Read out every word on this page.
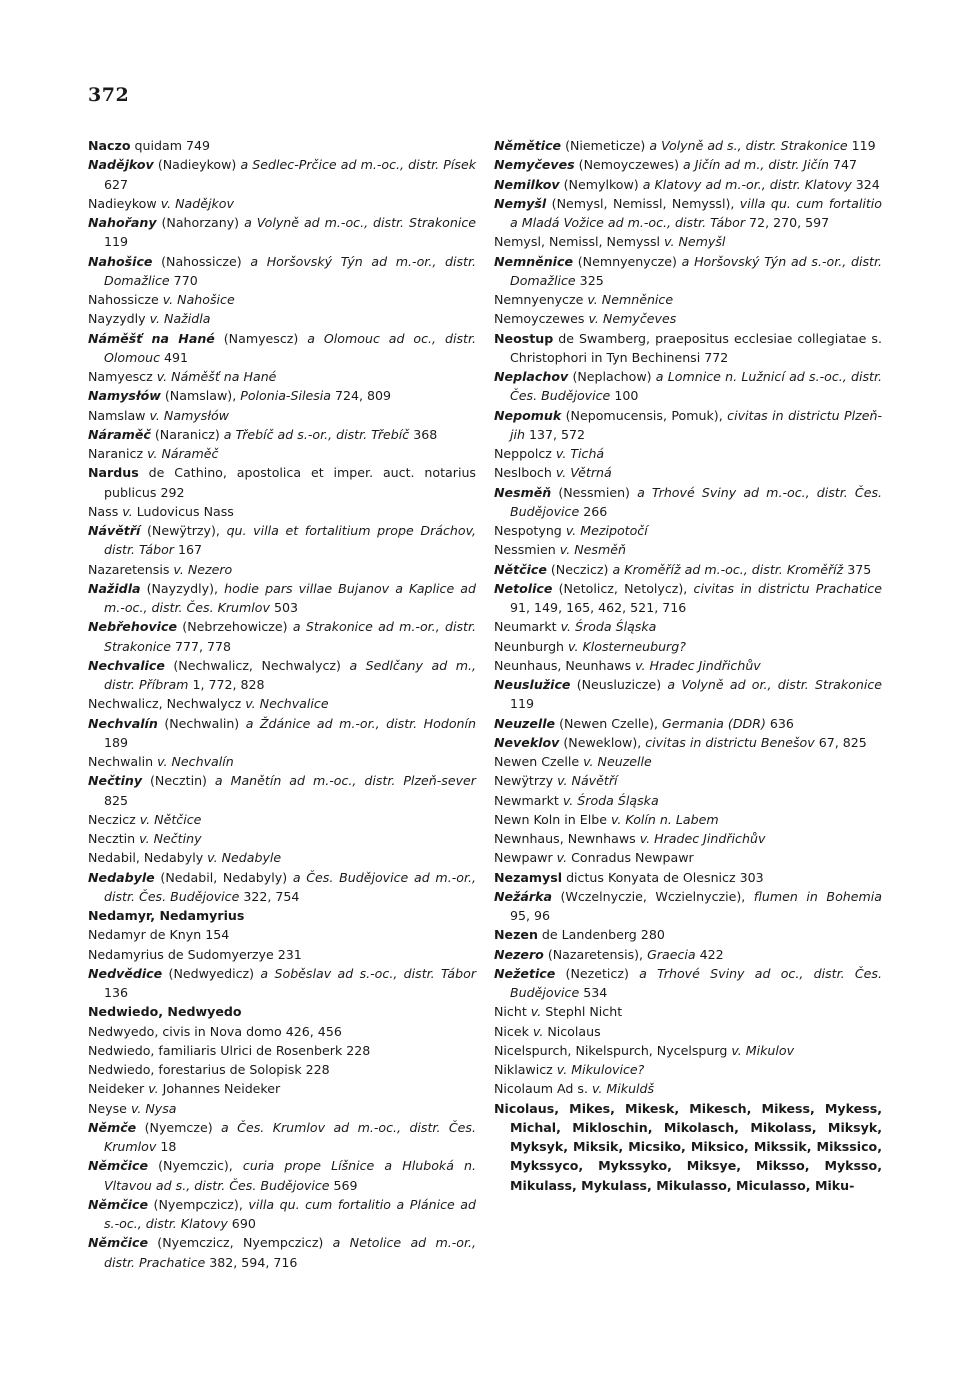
372
Naczo quidam 749
Nadějkov (Nadieykow) a Sedlec-Prčice ad m.-oc., distr. Písek 627
Nadieykow v. Nadějkov
Nahořany (Nahorzany) a Volyně ad m.-oc., distr. Strakonice 119
Nahošice (Nahossicze) a Horšovský Týn ad m.-or., distr. Domažlice 770
Nahossicze v. Nahošice
Nayzydly v. Nažidla
Náměšť na Hané (Namyescz) a Olomouc ad oc., distr. Olomouc 491
Namyescz v. Náměšť na Hané
Namysłów (Namslaw), Polonia-Silesia 724, 809
Namslaw v. Namysłów
Náraměč (Naranicz) a Třebíč ad s.-or., distr. Třebíč 368
Naranicz v. Náraměč
Nardus de Cathino, apostolica et imper. auct. notarius publicus 292
Nass v. Ludovicus Nass
Návětří (Newÿtrzy), qu. villa et fortalitium prope Dráchov, distr. Tábor 167
Nazaretensis v. Nezero
Nažidla (Nayzydly), hodie pars villae Bujanov a Kaplice ad m.-oc., distr. Čes. Krumlov 503
Nebřehovice (Nebrzehowicze) a Strakonice ad m.-or., distr. Strakonice 777, 778
Nechvalice (Nechwalicz, Nechwalycz) a Sedlčany ad m., distr. Příbram 1, 772, 828
Nechwalicz, Nechwalycz v. Nechvalice
Nechvalín (Nechwalin) a Ždánice ad m.-or., distr. Hodonín 189
Nechwalin v. Nechvalín
Nečtiny (Necztin) a Manětín ad m.-oc., distr. Plzeň-sever 825
Neczicz v. Nětčice
Necztin v. Nečtiny
Nedabil, Nedabyly v. Nedabyle
Nedabyle (Nedabil, Nedabyly) a Čes. Budějovice ad m.-or., distr. Čes. Budějovice 322, 754
Nedamyr, Nedamyrius
Nedamyr de Knyn 154
Nedamyrius de Sudomyerzye 231
Nedvědice (Nedwyedicz) a Soběslav ad s.-oc., distr. Tábor 136
Nedwiedo, Nedwyedo
Nedwyedo, civis in Nova domo 426, 456
Nedwiedo, familiaris Ulrici de Rosenberk 228
Nedwiedo, forestarius de Solopisk 228
Neideker v. Johannes Neideker
Neyse v. Nysa
Němče (Nyemcze) a Čes. Krumlov ad m.-oc., distr. Čes. Krumlov 18
Němčice (Nyemczic), curia prope Líšnice a Hluboká n. Vltavou ad s., distr. Čes. Budějovice 569
Němčice (Nyempczicz), villa qu. cum fortalitio a Plánice ad s.-oc., distr. Klatovy 690
Němčice (Nyemczicz, Nyempczicz) a Netolice ad m.-or., distr. Prachatice 382, 594, 716
Němětice (Niemeticze) a Volyně ad s., distr. Strakonice 119
Nemyčeves (Nemoyczewes) a Jičín ad m., distr. Jičín 747
Nemilkov (Nemylkow) a Klatovy ad m.-or., distr. Klatovy 324
Nemyšl (Nemysl, Nemissl, Nemyssl), villa qu. cum fortalitio a Mladá Vožice ad m.-oc., distr. Tábor 72, 270, 597
Nemysl, Nemissl, Nemyssl v. Nemyšl
Nemněnice (Nemnyenycze) a Horšovský Týn ad s.-or., distr. Domažlice 325
Nemnyenycze v. Nemněnice
Nemoyczewes v. Nemyčeves
Neostup de Swamberg, praepositus ecclesiae collegiatae s. Christophori in Tyn Bechinensi 772
Neplachov (Neplachow) a Lomnice n. Lužnicí ad s.-oc., distr. Čes. Budějovice 100
Nepomuk (Nepomucensis, Pomuk), civitas in districtu Plzeň-jih 137, 572
Neppolcz v. Tichá
Neslboch v. Větrná
Nesměň (Nessmien) a Trhové Sviny ad m.-oc., distr. Čes. Budějovice 266
Nespotyng v. Mezipotočí
Nessmien v. Nesměň
Nětčice (Neczicz) a Kroměříž ad m.-oc., distr. Kroměříž 375
Netolice (Netolicz, Netolycz), civitas in districtu Prachatice 91, 149, 165, 462, 521, 716
Neumarkt v. Środa Śląska
Neunburgh v. Klosterneuburg?
Neunhaus, Neunhaws v. Hradec Jindřichův
Neuslužice (Neusluzicze) a Volyně ad or., distr. Strakonice 119
Neuzelle (Newen Czelle), Germania (DDR) 636
Neveklov (Neweklow), civitas in districtu Benešov 67, 825
Newen Czelle v. Neuzelle
Newÿtrzy v. Návětří
Newmarkt v. Środa Śląska
Newn Koln in Elbe v. Kolín n. Labem
Newnhaus, Newnhaws v. Hradec Jindřichův
Newpawr v. Conradus Newpawr
Nezamysl dictus Konyata de Olesnicz 303
Nežárka (Wczelnyczie, Wczielnyczie), flumen in Bohemia 95, 96
Nezen de Landenberg 280
Nezero (Nazaretensis), Graecia 422
Nežetice (Nezeticz) a Trhové Sviny ad oc., distr. Čes. Budějovice 534
Nicht v. Stephl Nicht
Nicek v. Nicolaus
Nicelspurch, Nikelspurch, Nycelspurg v. Mikulov
Niklawicz v. Mikulovice?
Nicolaum Ad s. v. Mikuldš
Nicolaus, Mikes, Mikesk, Mikesch, Mikess, Mykess, Michal, Mikloschin, Mikolasch, Mikolass, Miksyk, Myksyk, Miksik, Micsiko, Miksico, Mikssik, Mikssico, Mykssyco, Mykssyko, Miksye, Miksso, Myksso, Mikulass, Mykulass, Mikulasso, Miculasso, Miku-
